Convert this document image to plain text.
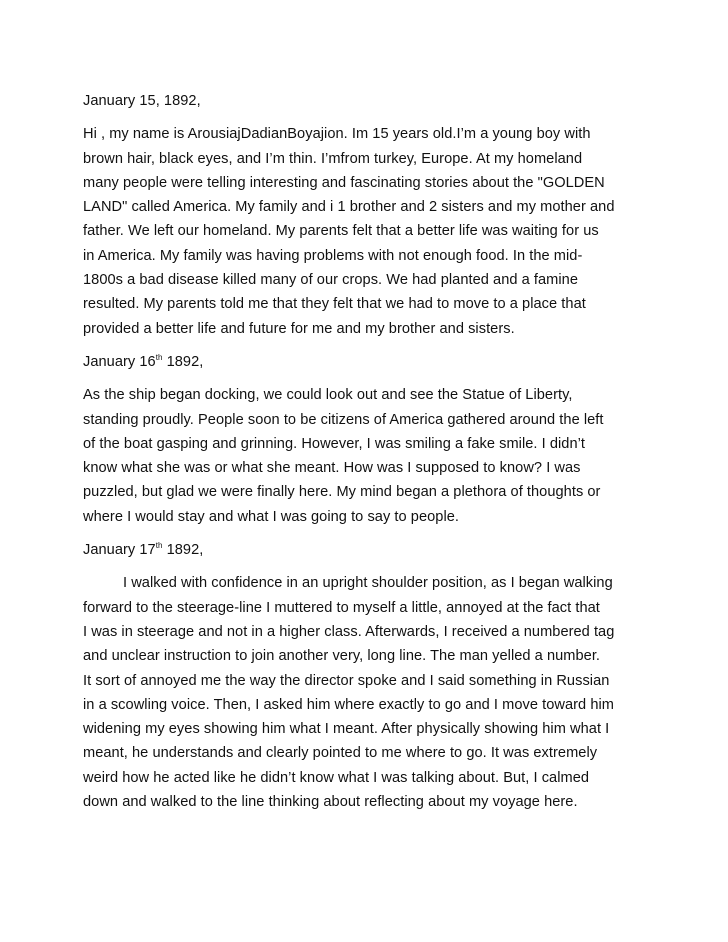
January 15, 1892,
Hi , my name is ArousiajDadianBoyajion. Im 15 years old.I’m a young boy with
brown hair, black eyes, and I’m thin. I’mfrom turkey, Europe. At my homeland
many people were telling interesting and fascinating stories about the "GOLDEN
LAND" called America. My family and i 1 brother and 2 sisters and my mother and
father. We left our homeland. My parents felt that a better life was waiting for us
in America. My family was having problems with not enough food. In the mid-
1800s a bad disease killed many of our crops. We had planted and a famine
resulted. My parents told me that they felt that we had to move to a place that
provided a better life and future for me and my brother and sisters.
January 16th 1892,
As the ship began docking, we could look out and see the Statue of Liberty,
standing proudly. People soon to be citizens of America gathered around the left
of the boat gasping and grinning. However, I was smiling a fake smile. I didn’t
know what she was or what she meant. How was I supposed to know? I was
puzzled, but glad we were finally here. My mind began a plethora of thoughts or
where I would stay and what I was going to say to people.
January 17th 1892,
I walked with confidence in an upright shoulder position, as I began walking
forward to the steerage-line I muttered to myself a little, annoyed at the fact that
I was in steerage and not in a higher class. Afterwards, I received a numbered tag
and unclear instruction to join another very, long line. The man yelled a number.
It sort of annoyed me the way the director spoke and I said something in Russian
in a scowling voice. Then, I asked him where exactly to go and I move toward him
widening my eyes showing him what I meant. After physically showing him what I
meant, he understands and clearly pointed to me where to go. It was extremely
weird how he acted like he didn’t know what I was talking about. But, I calmed
down and walked to the line thinking about reflecting about my voyage here.
